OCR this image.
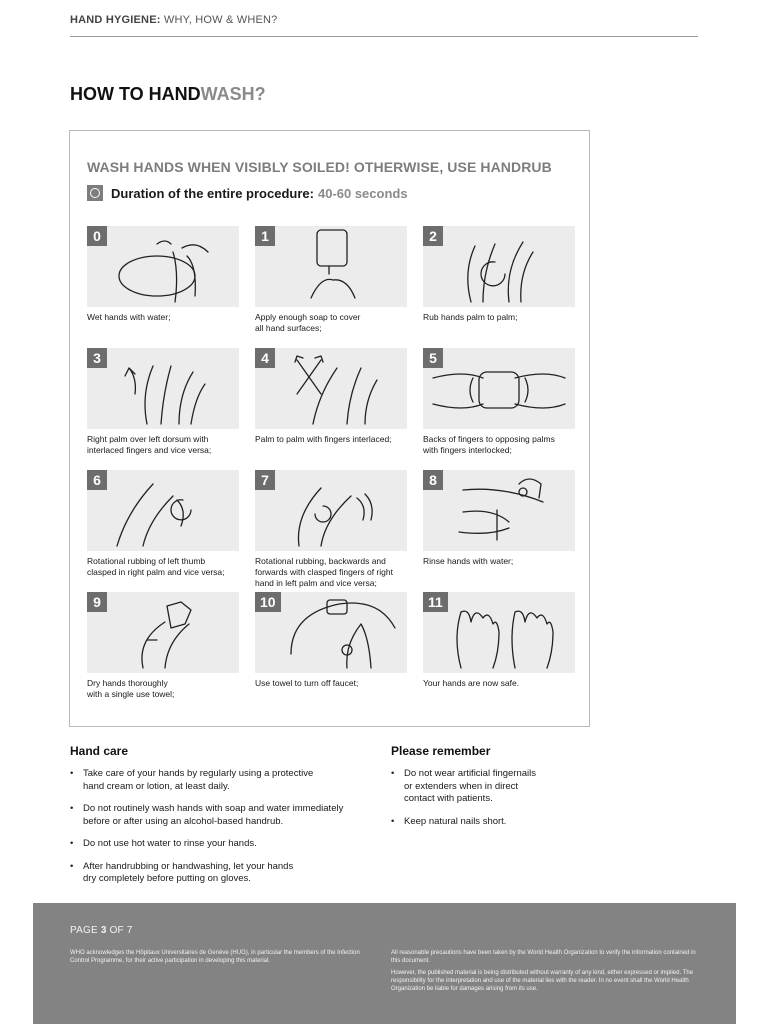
HAND HYGIENE: WHY, HOW & WHEN?
HOW TO HANDWASH?
WASH HANDS WHEN VISIBLY SOILED! OTHERWISE, USE HANDRUB
Duration of the entire procedure: 40-60 seconds
0
Wet hands with water;
1
Apply enough soap to cover
all hand surfaces;
2
Rub hands palm to palm;
3
Right palm over left dorsum with
interlaced fingers and vice versa;
4
Palm to palm with fingers interlaced;
5
Backs of fingers to opposing palms
with fingers interlocked;
6
Rotational rubbing of left thumb
clasped in right palm and vice versa;
7
Rotational rubbing, backwards and
forwards with clasped fingers of right
hand in left palm and vice versa;
8
Rinse hands with water;
9
Dry hands thoroughly
with a single use towel;
10
Use towel to turn off faucet;
11
Your hands are now safe.
Hand care
• Take care of your hands by regularly using a protective
hand cream or lotion, at least daily.
• Do not routinely wash hands with soap and water immediately
before or after using an alcohol-based handrub.
• Do not use hot water to rinse your hands.
• After handrubbing or handwashing, let your hands
dry completely before putting on gloves.
Please remember
• Do not wear artificial fingernails
or extenders when in direct
contact with patients.
• Keep natural nails short.
PAGE 3 OF 7
WHO acknowledges the Hôpitaux Universitaires de Genève (HUG), in particular the members of the Infection Control Programme, for their active participation in developing this material.

All reasonable precautions have been taken by the World Health Organization to verify the information contained in this document.

However, the published material is being distributed without warranty of any kind, either expressed or implied. The responsibility for the interpretation and use of the material lies with the reader. In no event shall the World Health Organization be liable for damages arising from its use.
